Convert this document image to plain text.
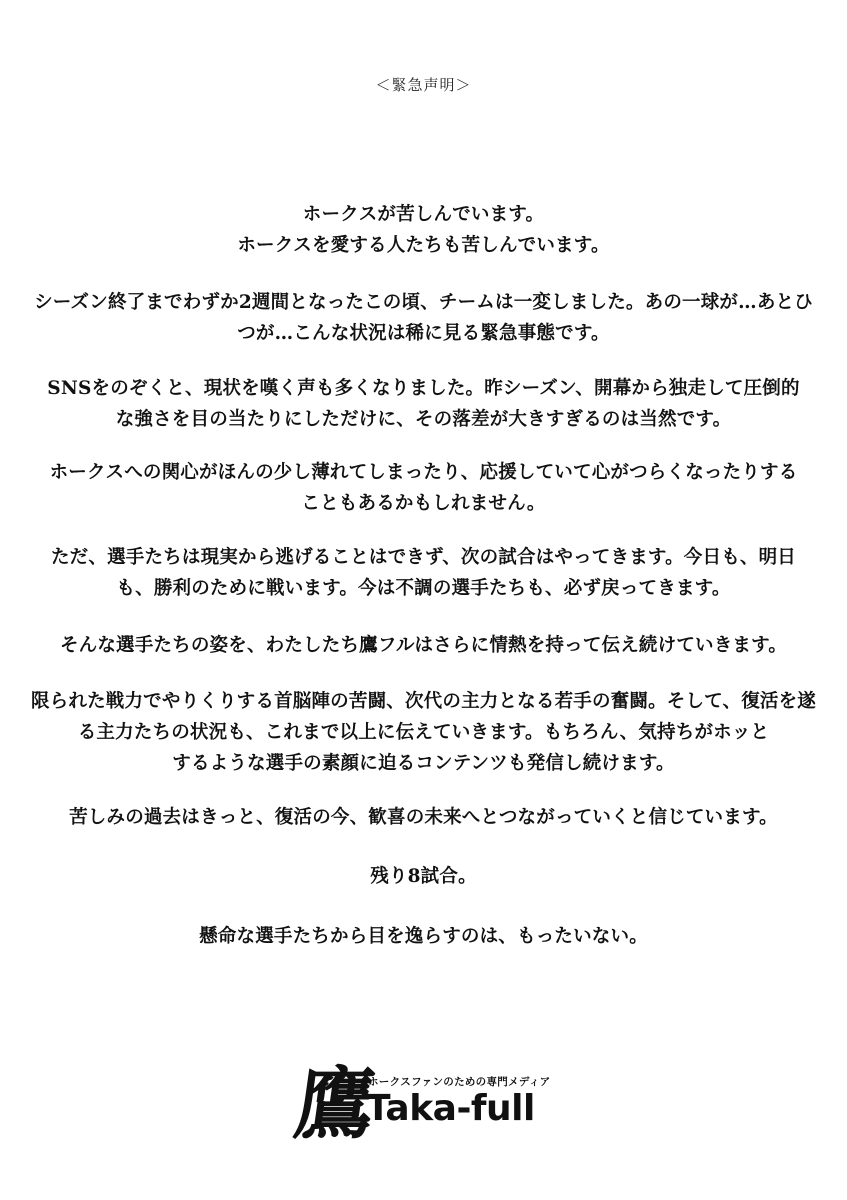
＜緊急声明＞
ホークスが苦しんでいます。
ホークスを愛する人たちも苦しんでいます。
シーズン終了までわずか2週間となったこの頃、チームは一変しました。あの一球が…あとひ
つが…こんな状況は稀に見る緊急事態です。
SNSをのぞくと、現状を嘆く声も多くなりました。昨シーズン、開幕から独走して圧倒的
な強さを目の当たりにしただけに、その落差が大きすぎるのは当然です。
ホークスへの関心がほんの少し薄れてしまったり、応援していて心がつらくなったりする
こともあるかもしれません。
ただ、選手たちは現実から逃げることはできず、次の試合はやってきます。今日も、明日
も、勝利のために戦います。今は不調の選手たちも、必ず戻ってきます。
そんな選手たちの姿を、わたしたち鷹フルはさらに情熱を持って伝え続けていきます。
限られた戦力でやりくりする首脳陣の苦闘、次代の主力となる若手の奮闘。そして、復活を遂
る主力たちの状況も、これまで以上に伝えていきます。もちろん、気持ちがホッと
するような選手の素顔に迫るコンテンツも発信し続けます。
苦しみの過去はきっと、復活の今、歓喜の未来へとつながっていくと信じています。
残り8試合。
懸命な選手たちから目を逸らすのは、もったいない。
鷹
ホークスファンのための専門メディア
Taka-full
